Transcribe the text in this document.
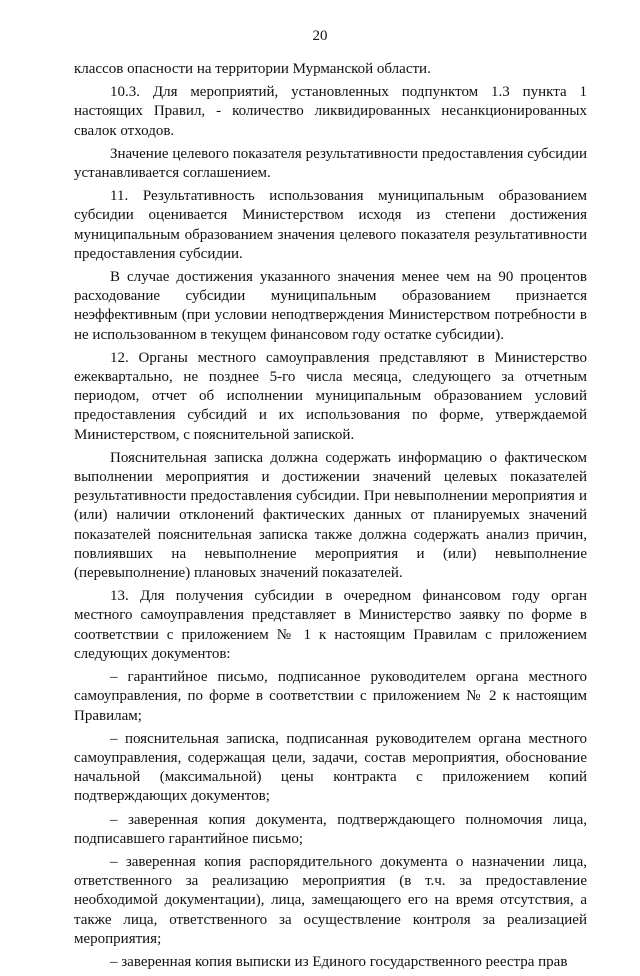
20

классов опасности на территории Мурманской области.

10.3. Для мероприятий, установленных подпунктом 1.3 пункта 1 настоящих Правил, - количество ликвидированных несанкционированных свалок отходов.

Значение целевого показателя результативности предоставления субсидии устанавливается соглашением.

11. Результативность использования муниципальным образованием субсидии оценивается Министерством исходя из степени достижения муниципальным образованием значения целевого показателя результативности предоставления субсидии.

В случае достижения указанного значения менее чем на 90 процентов расходование субсидии муниципальным образованием признается неэффективным (при условии неподтверждения Министерством потребности в не использованном в текущем финансовом году остатке субсидии).

12. Органы местного самоуправления представляют в Министерство ежеквартально, не позднее 5-го числа месяца, следующего за отчетным периодом, отчет об исполнении муниципальным образованием условий предоставления субсидий и их использования по форме, утверждаемой Министерством, с пояснительной запиской.

Пояснительная записка должна содержать информацию о фактическом выполнении мероприятия и достижении значений целевых показателей результативности предоставления субсидии. При невыполнении мероприятия и (или) наличии отклонений фактических данных от планируемых значений показателей пояснительная записка также должна содержать анализ причин, повлиявших на невыполнение мероприятия и (или) невыполнение (перевыполнение) плановых значений показателей.

13. Для получения субсидии в очередном финансовом году орган местного самоуправления представляет в Министерство заявку по форме в соответствии с приложением № 1 к настоящим Правилам с приложением следующих документов:

– гарантийное письмо, подписанное руководителем органа местного самоуправления, по форме в соответствии с приложением № 2 к настоящим Правилам;

– пояснительная записка, подписанная руководителем органа местного самоуправления, содержащая цели, задачи, состав мероприятия, обоснование начальной (максимальной) цены контракта с приложением копий подтверждающих документов;

– заверенная копия документа, подтверждающего полномочия лица, подписавшего гарантийное письмо;

– заверенная копия распорядительного документа о назначении лица, ответственного за реализацию мероприятия (в т.ч. за предоставление необходимой документации), лица, замещающего его на время отсутствия, а также лица, ответственного за осуществление контроля за реализацией мероприятия;

– заверенная копия выписки из Единого государственного реестра прав
